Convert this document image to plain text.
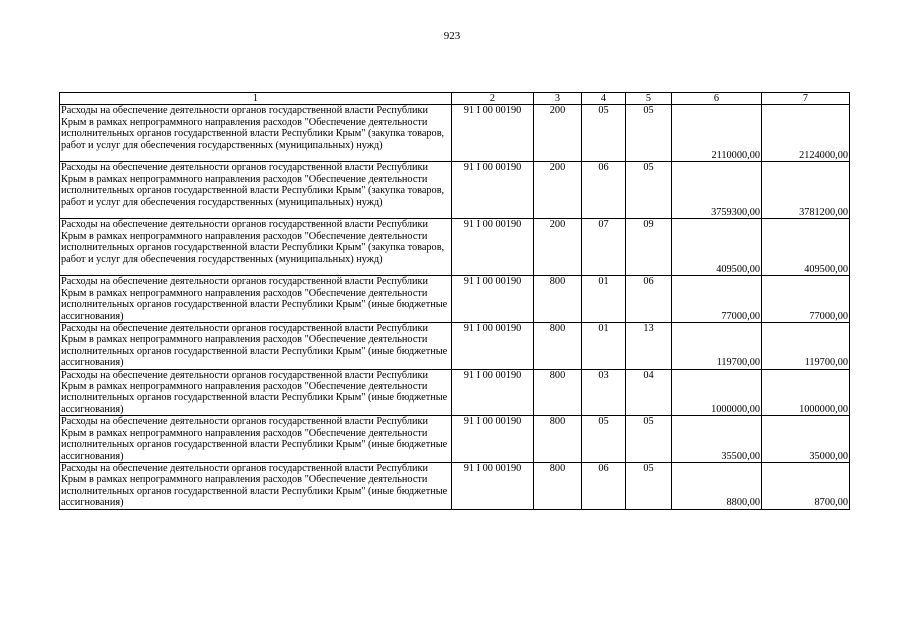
923
1	2	3	4	5	6	7
Расходы на обеспечение деятельности органов государственной власти Республики Крым в рамках непрограммного направления расходов "Обеспечение деятельности исполнительных органов государственной власти Республики Крым" (закупка товаров, работ и услуг для обеспечения государственных (муниципальных) нужд)	91 I 00 00190	200	05	05	2110000,00	2124000,00
Расходы на обеспечение деятельности органов государственной власти Республики Крым в рамках непрограммного направления расходов "Обеспечение деятельности исполнительных органов государственной власти Республики Крым" (закупка товаров, работ и услуг для обеспечения государственных (муниципальных) нужд)	91 I 00 00190	200	06	05	3759300,00	3781200,00
Расходы на обеспечение деятельности органов государственной власти Республики Крым в рамках непрограммного направления расходов "Обеспечение деятельности исполнительных органов государственной власти Республики Крым" (закупка товаров, работ и услуг для обеспечения государственных (муниципальных) нужд)	91 I 00 00190	200	07	09	409500,00	409500,00
Расходы на обеспечение деятельности органов государственной власти Республики Крым в рамках непрограммного направления расходов "Обеспечение деятельности исполнительных органов государственной власти Республики Крым" (иные бюджетные ассигнования)	91 I 00 00190	800	01	06	77000,00	77000,00
Расходы на обеспечение деятельности органов государственной власти Республики Крым в рамках непрограммного направления расходов "Обеспечение деятельности исполнительных органов государственной власти Республики Крым" (иные бюджетные ассигнования)	91 I 00 00190	800	01	13	119700,00	119700,00
Расходы на обеспечение деятельности органов государственной власти Республики Крым в рамках непрограммного направления расходов "Обеспечение деятельности исполнительных органов государственной власти Республики Крым" (иные бюджетные ассигнования)	91 I 00 00190	800	03	04	1000000,00	1000000,00
Расходы на обеспечение деятельности органов государственной власти Республики Крым в рамках непрограммного направления расходов "Обеспечение деятельности исполнительных органов государственной власти Республики Крым" (иные бюджетные ассигнования)	91 I 00 00190	800	05	05	35500,00	35000,00
Расходы на обеспечение деятельности органов государственной власти Республики Крым в рамках непрограммного направления расходов "Обеспечение деятельности исполнительных органов государственной власти Республики Крым" (иные бюджетные ассигнования)	91 I 00 00190	800	06	05	8800,00	8700,00
